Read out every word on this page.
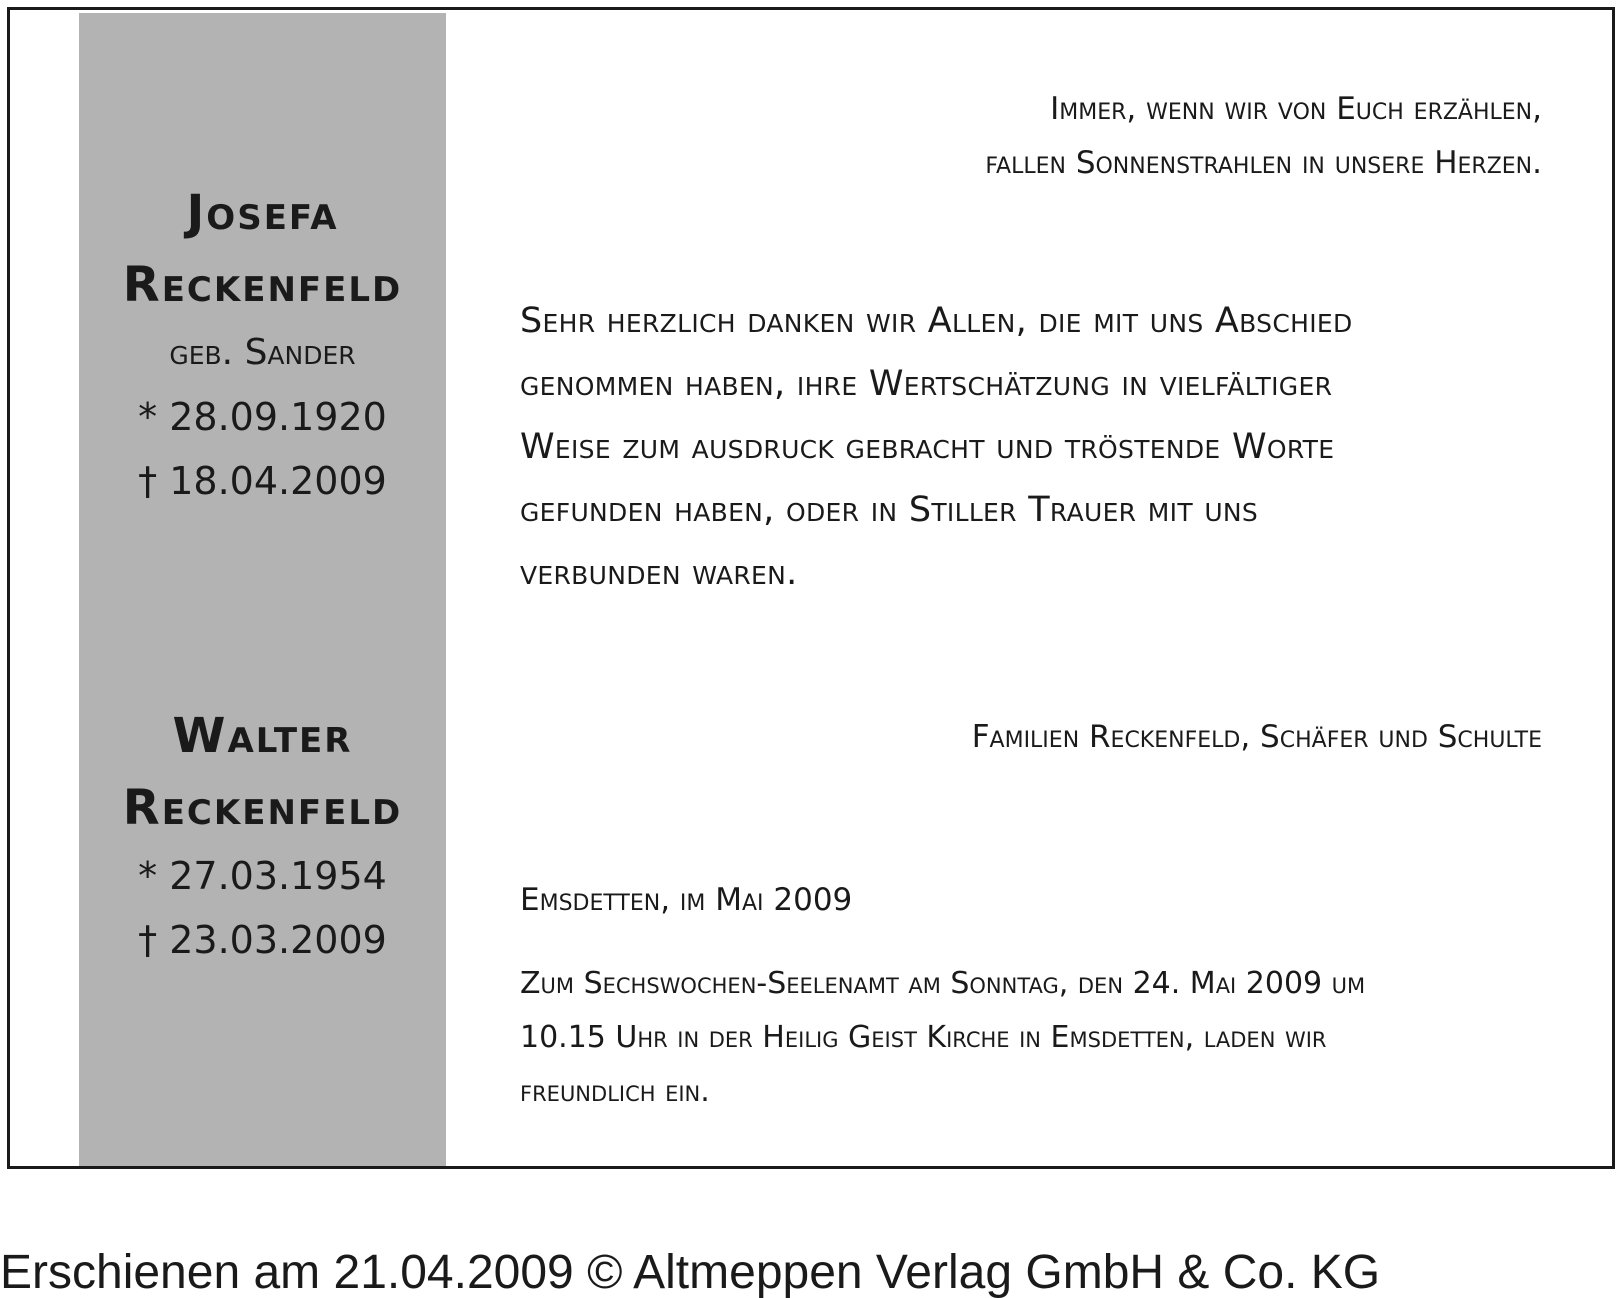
Josefa
Reckenfeld
geb. Sander
* 28.09.1920
† 18.04.2009
Walter
Reckenfeld
* 27.03.1954
† 23.03.2009
Immer, wenn wir von Euch erzählen,
fallen Sonnenstrahlen in unsere Herzen.
Sehr herzlich danken wir Allen, die mit uns Abschied
genommen haben, ihre Wertschätzung in vielfältiger
Weise zum ausdruck gebracht und tröstende Worte
gefunden haben, oder in Stiller Trauer mit uns
verbunden waren.
Familien Reckenfeld, Schäfer und Schulte
Emsdetten, im Mai 2009
Zum Sechswochen-Seelenamt am Sonntag, den 24. Mai 2009 um
10.15 Uhr in der Heilig Geist Kirche in Emsdetten, laden wir
freundlich ein.
Erschienen am 21.04.2009 © Altmeppen Verlag GmbH & Co. KG
